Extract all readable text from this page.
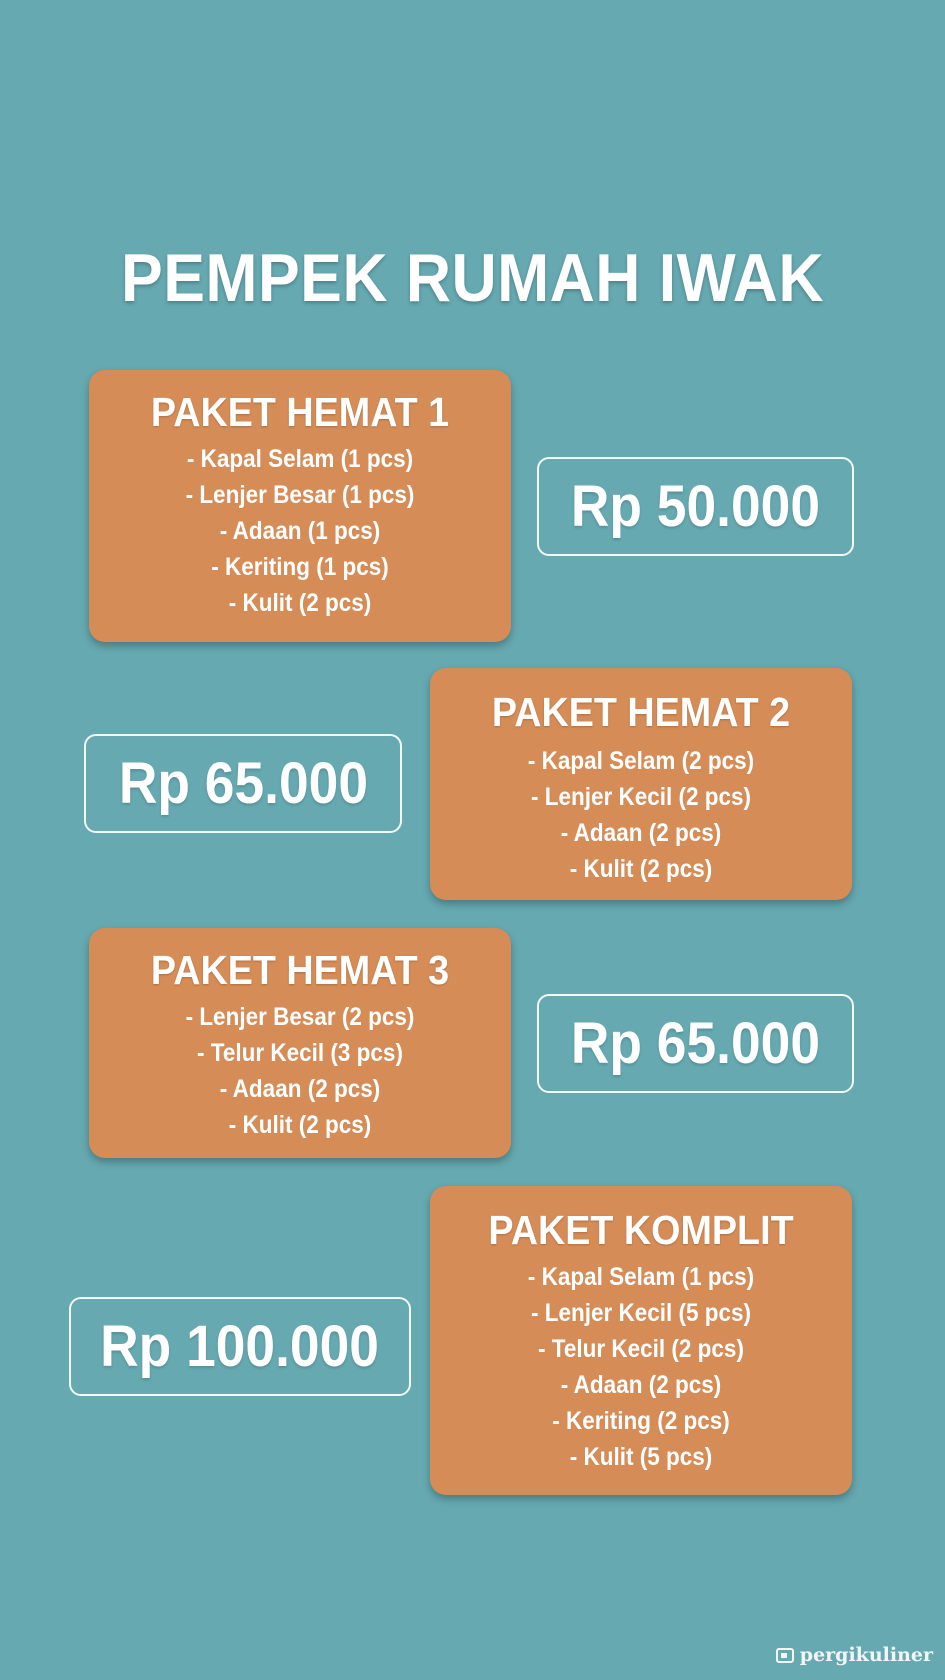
PEMPEK RUMAH IWAK
PAKET HEMAT 1
- Kapal Selam (1 pcs)
- Lenjer Besar (1 pcs)
- Adaan (1 pcs)
- Keriting (1 pcs)
- Kulit (2 pcs)
Rp 50.000
PAKET HEMAT 2
- Kapal Selam (2 pcs)
- Lenjer Kecil (2 pcs)
- Adaan (2 pcs)
- Kulit (2 pcs)
Rp 65.000
PAKET HEMAT 3
- Lenjer Besar (2 pcs)
- Telur Kecil (3 pcs)
- Adaan (2 pcs)
- Kulit (2 pcs)
Rp 65.000
PAKET KOMPLIT
- Kapal Selam (1 pcs)
- Lenjer Kecil (5 pcs)
- Telur Kecil (2 pcs)
- Adaan (2 pcs)
- Keriting (2 pcs)
- Kulit (5 pcs)
Rp 100.000
pergikuliner
